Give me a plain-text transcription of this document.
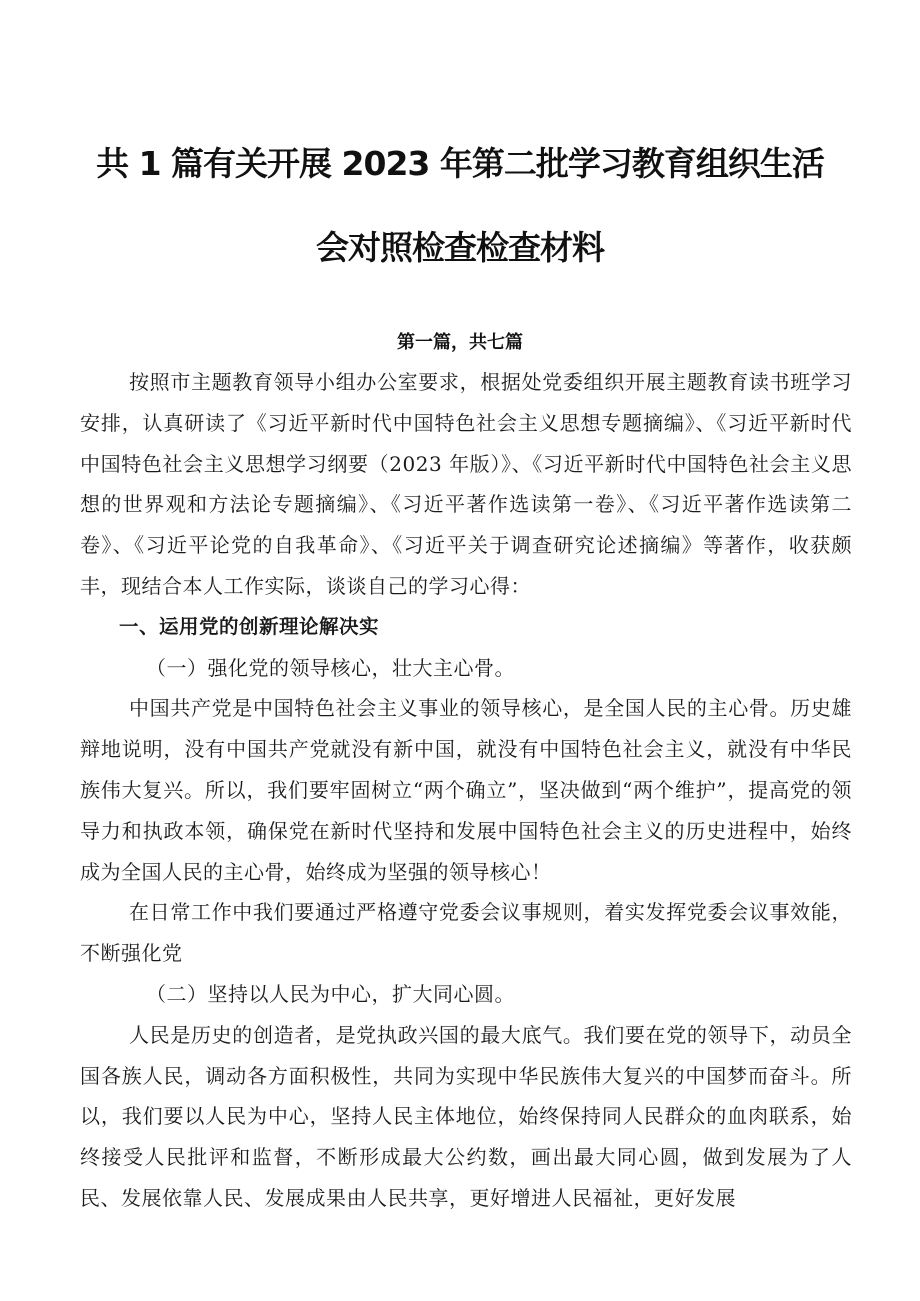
共 1 篇有关开展 2023 年第二批学习教育组织生活
会对照检查检查材料
第一篇，共七篇

按照市主题教育领导小组办公室要求，根据处党委组织开展主题教育读书班学习安排，认真研读了《习近平新时代中国特色社会主义思想专题摘编》、《习近平新时代中国特色社会主义思想学习纲要（2023 年版）》、《习近平新时代中国特色社会主义思想的世界观和方法论专题摘编》、《习近平著作选读第一卷》、《习近平著作选读第二卷》、《习近平论党的自我革命》、《习近平关于调查研究论述摘编》等著作，收获颇丰，现结合本人工作实际，谈谈自己的学习心得：

一、运用党的创新理论解决实

（一）强化党的领导核心，壮大主心骨。

中国共产党是中国特色社会主义事业的领导核心，是全国人民的主心骨。历史雄辩地说明，没有中国共产党就没有新中国，就没有中国特色社会主义，就没有中华民族伟大复兴。所以，我们要牢固树立“两个确立”，坚决做到“两个维护”，提高党的领导力和执政本领，确保党在新时代坚持和发展中国特色社会主义的历史进程中，始终成为全国人民的主心骨，始终成为坚强的领导核心！

在日常工作中我们要通过严格遵守党委会议事规则，着实发挥党委会议事效能，不断强化党

（二）坚持以人民为中心，扩大同心圆。

人民是历史的创造者，是党执政兴国的最大底气。我们要在党的领导下，动员全国各族人民，调动各方面积极性，共同为实现中华民族伟大复兴的中国梦而奋斗。所以，我们要以人民为中心，坚持人民主体地位，始终保持同人民群众的血肉联系，始终接受人民批评和监督，不断形成最大公约数，画出最大同心圆，做到发展为了人民、发展依靠人民、发展成果由人民共享，更好增进人民福祉，更好发展
